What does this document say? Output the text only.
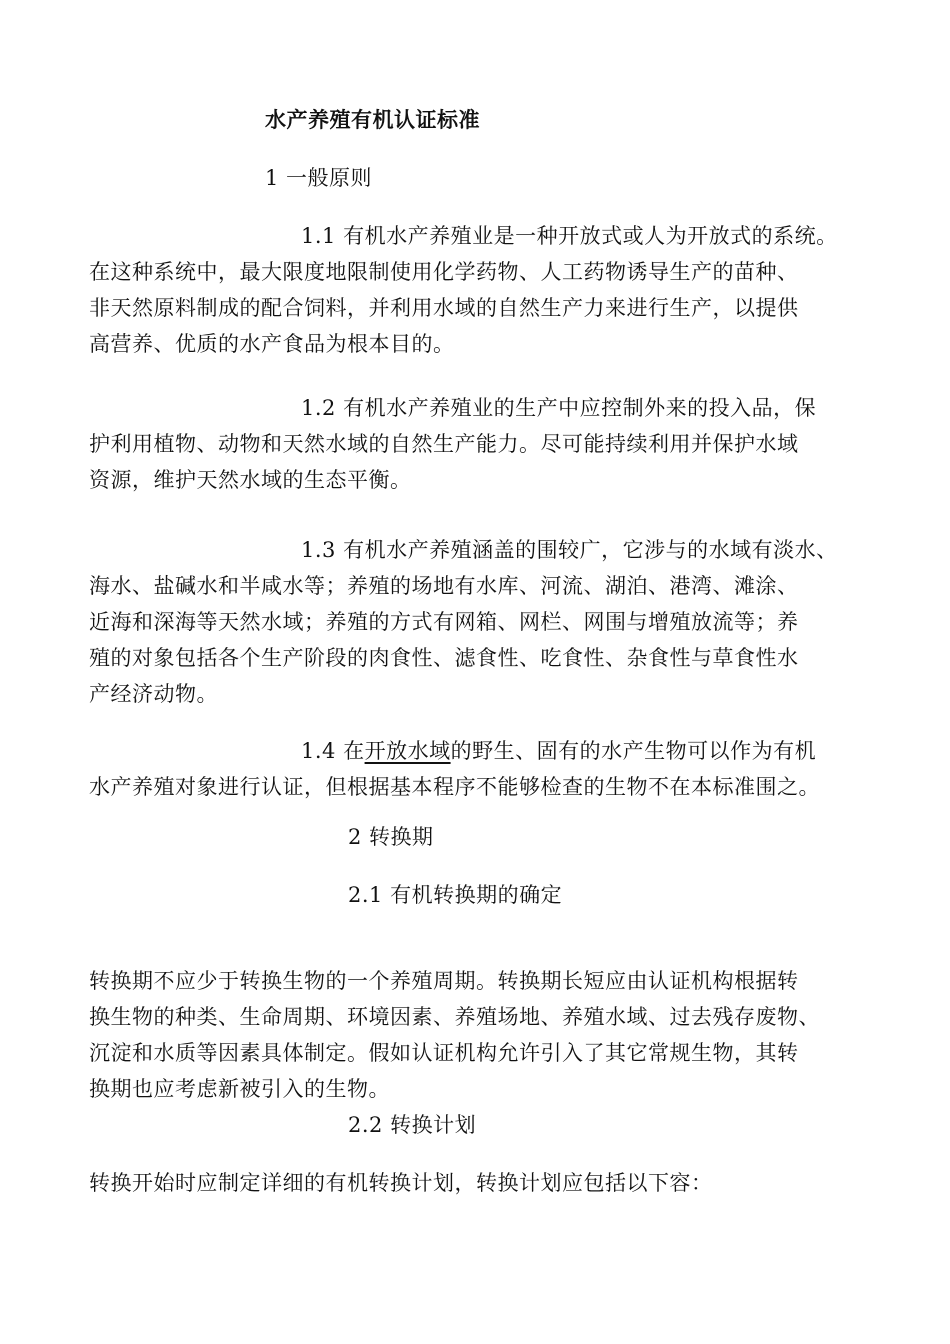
水产养殖有机认证标准
1 一般原则
1.1 有机水产养殖业是一种开放式或人为开放式的系统。
在这种系统中，最大限度地限制使用化学药物、人工药物诱导生产的苗种、
非天然原料制成的配合饲料，并利用水域的自然生产力来进行生产，以提供
高营养、优质的水产食品为根本目的。
1.2 有机水产养殖业的生产中应控制外来的投入品，保
护利用植物、动物和天然水域的自然生产能力。尽可能持续利用并保护水域
资源，维护天然水域的生态平衡。
1.3 有机水产养殖涵盖的围较广，它涉与的水域有淡水、
海水、盐碱水和半咸水等；养殖的场地有水库、河流、湖泊、港湾、滩涂、
近海和深海等天然水域；养殖的方式有网箱、网栏、网围与增殖放流等；养
殖的对象包括各个生产阶段的肉食性、滤食性、吃食性、杂食性与草食性水
产经济动物。
1.4 在开放水域的野生、固有的水产生物可以作为有机
水产养殖对象进行认证，但根据基本程序不能够检查的生物不在本标准围之。
2 转换期
2.1 有机转换期的确定
转换期不应少于转换生物的一个养殖周期。转换期长短应由认证机构根据转
换生物的种类、生命周期、环境因素、养殖场地、养殖水域、过去残存废物、
沉淀和水质等因素具体制定。假如认证机构允许引入了其它常规生物，其转
换期也应考虑新被引入的生物。
2.2 转换计划
转换开始时应制定详细的有机转换计划，转换计划应包括以下容：
